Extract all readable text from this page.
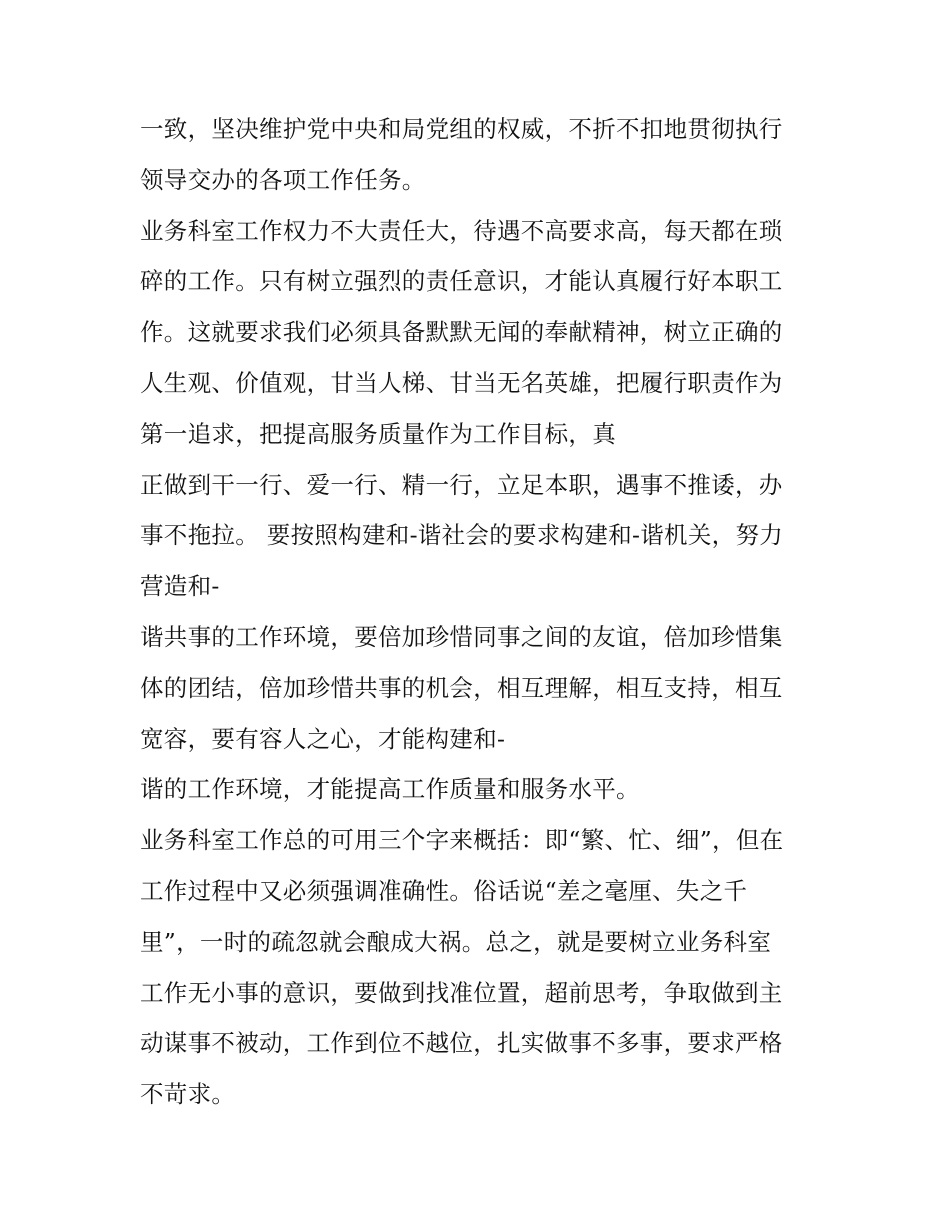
一致，坚决维护党中央和局党组的权威，不折不扣地贯彻执行
领导交办的各项工作任务。
业务科室工作权力不大责任大，待遇不高要求高，每天都在琐
碎的工作。只有树立强烈的责任意识，才能认真履行好本职工
作。这就要求我们必须具备默默无闻的奉献精神，树立正确的
人生观、价值观，甘当人梯、甘当无名英雄，把履行职责作为
第一追求，把提高服务质量作为工作目标，真
正做到干一行、爱一行、精一行，立足本职，遇事不推诿，办
事不拖拉。 要按照构建和-谐社会的要求构建和-谐机关，努力
营造和-
谐共事的工作环境，要倍加珍惜同事之间的友谊，倍加珍惜集
体的团结，倍加珍惜共事的机会，相互理解，相互支持，相互
宽容，要有容人之心，才能构建和-
谐的工作环境，才能提高工作质量和服务水平。
业务科室工作总的可用三个字来概括：即“繁、忙、细”，但在
工作过程中又必须强调准确性。俗话说“差之毫厘、失之千
里”，一时的疏忽就会酿成大祸。总之，就是要树立业务科室
工作无小事的意识，要做到找准位置，超前思考，争取做到主
动谋事不被动，工作到位不越位，扎实做事不多事，要求严格
不苛求。
